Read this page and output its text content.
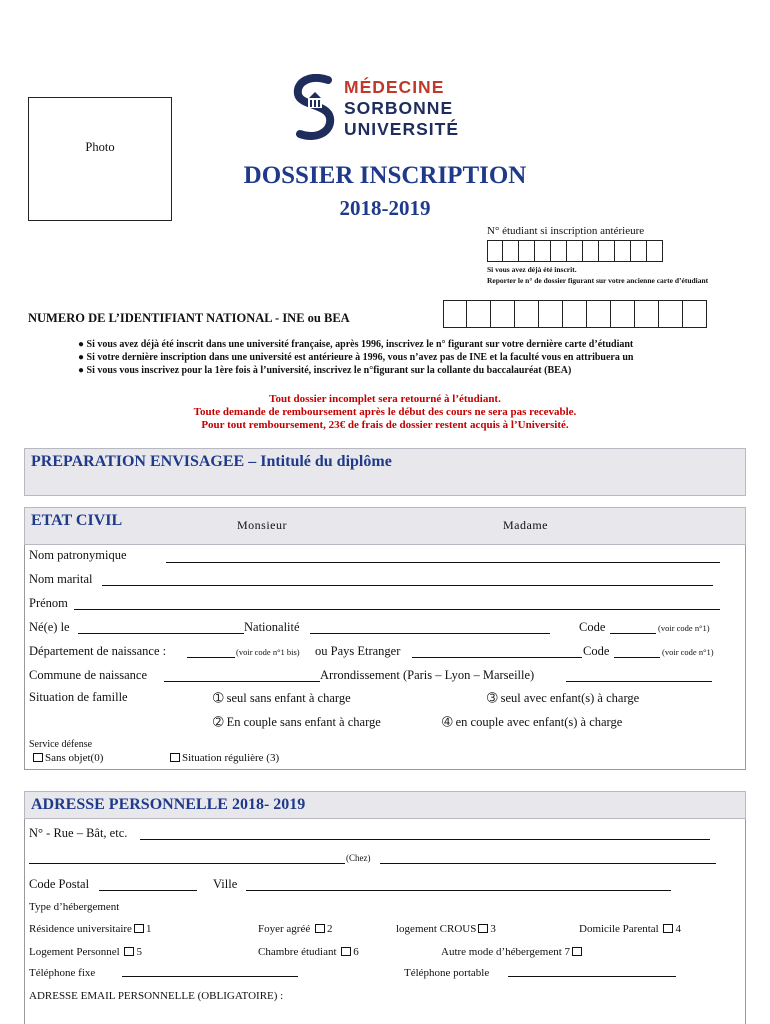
Photo
MÉDECINE
SORBONNE
UNIVERSITÉ
DOSSIER INSCRIPTION
2018-2019
N° étudiant si inscription antérieure
Si vous avez déjà été inscrit.
Reporter le n° de dossier figurant sur votre ancienne carte d’étudiant
NUMERO DE L’IDENTIFIANT NATIONAL - INE ou BEA
● Si vous avez déjà été inscrit dans une université française, après 1996, inscrivez le n° figurant sur votre dernière carte d’étudiant
● Si votre dernière inscription dans une université est antérieure à 1996, vous n’avez pas de INE et la faculté vous en attribuera un
● Si vous vous inscrivez pour la 1ère fois à l’université, inscrivez le n°figurant sur la collante du baccalauréat (BEA)
Tout dossier incomplet sera retourné à l’étudiant.
Toute demande de remboursement après le début des cours ne sera pas recevable.
Pour tout remboursement, 23€ de frais de dossier restent acquis à l’Université.
PREPARATION ENVISAGEE – Intitulé du diplôme
ETAT CIVIL	Monsieur	Madame
Nom patronymique
Nom marital
Prénom
Né(e) le	Nationalité	Code	(voir code n°1)
Département de naissance :	(voir code n°1 bis) ou Pays Etranger	Code	(voir code n°1)
Commune de naissance	Arrondissement (Paris – Lyon – Marseille)
Situation de famille	➀ seul sans enfant à charge	➂ seul avec enfant(s) à charge
➁ En couple sans enfant à charge	➃ en couple avec enfant(s) à charge
Service défense
Sans objet(0)	Situation régulière (3)
ADRESSE PERSONNELLE 2018- 2019
N° - Rue – Bât, etc.
(Chez)
Code Postal	Ville
Type d’hébergement
Résidence universitaire 1	Foyer agréé 2	logement CROUS 3	Domicile Parental 4
Logement Personnel 5	Chambre étudiant 6	Autre mode d’hébergement 7
Téléphone fixe	Téléphone portable
ADRESSE EMAIL PERSONNELLE (OBLIGATOIRE) :
